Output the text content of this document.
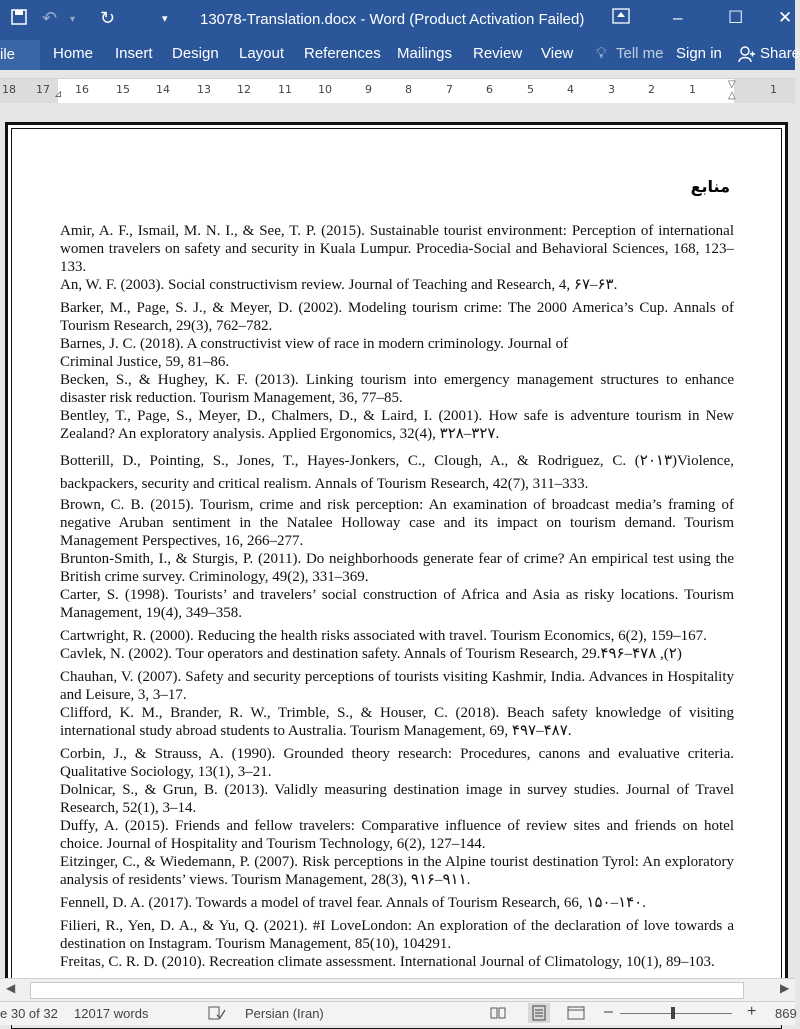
↶ ▾ ↻	▾ 13078-Translation.docx - Word (Product Activation Failed)	–	☐ ✕
ile	Home Insert Design Layout References Mailings Review View 💡︎ Tell me Sign in	Share
18 17 16 15 14 13 12 11 10	9	8	7	6	5	4	3	2	1	1
⊿
▽
△
منابع
Amir, A. F., Ismail, M. N. I., & See, T. P. (2015). Sustainable tourist environment: Perception of international women travelers on safety and security in Kuala Lumpur. Procedia-Social and Behavioral Sciences, 168, 123–133.
An, W. F. (2003). Social constructivism review. Journal of Teaching and Research, 4, ۶۷–۶۳.
Barker, M., Page, S. J., & Meyer, D. (2002). Modeling tourism crime: The 2000 America’s Cup. Annals of Tourism Research, 29(3), 762–782.
Barnes, J. C. (2018). A constructivist view of race in modern criminology. Journal of
Criminal Justice, 59, 81–86.
Becken, S., & Hughey, K. F. (2013). Linking tourism into emergency management structures to enhance disaster risk reduction. Tourism Management, 36, 77–85.
Bentley, T., Page, S., Meyer, D., Chalmers, D., & Laird, I. (2001). How safe is adventure tourism in New Zealand? An exploratory analysis. Applied Ergonomics, 32(4), ۳۲۸–۳۲۷.
Botterill, D., Pointing, S., Jones, T., Hayes-Jonkers, C., Clough, A., & Rodriguez, C. (۲۰۱۳)Violence, backpackers, security and critical realism. Annals of Tourism Research, 42(7), 311–333.
Brown, C. B. (2015). Tourism, crime and risk perception: An examination of broadcast media’s framing of negative Aruban sentiment in the Natalee Holloway case and its impact on tourism demand. Tourism Management Perspectives, 16, 266–277.
Brunton-Smith, I., & Sturgis, P. (2011). Do neighborhoods generate fear of crime? An empirical test using the British crime survey. Criminology, 49(2), 331–369.
Carter, S. (1998). Tourists’ and travelers’ social construction of Africa and Asia as risky locations. Tourism Management, 19(4), 349–358.
Cartwright, R. (2000). Reducing the health risks associated with travel. Tourism Economics, 6(2), 159–167.
Cavlek, N. (2002). Tour operators and destination safety. Annals of Tourism Research, 29.۴۹۶–۴۷۸ ,(۲)
Chauhan, V. (2007). Safety and security perceptions of tourists visiting Kashmir, India. Advances in Hospitality and Leisure, 3, 3–17.
Clifford, K. M., Brander, R. W., Trimble, S., & Houser, C. (2018). Beach safety knowledge of visiting international study abroad students to Australia. Tourism Management, 69, ۴۹۷–۴۸۷.
Corbin, J., & Strauss, A. (1990). Grounded theory research: Procedures, canons and evaluative criteria. Qualitative Sociology, 13(1), 3–21.
Dolnicar, S., & Grun, B. (2013). Validly measuring destination image in survey studies. Journal of Travel Research, 52(1), 3–14.
Duffy, A. (2015). Friends and fellow travelers: Comparative influence of review sites and friends on hotel choice. Journal of Hospitality and Tourism Technology, 6(2), 127–144.
Eitzinger, C., & Wiedemann, P. (2007). Risk perceptions in the Alpine tourist destination Tyrol: An exploratory analysis of residents’ views. Tourism Management, 28(3), ۹۱۶–۹۱۱.
Fennell, D. A. (2017). Towards a model of travel fear. Annals of Tourism Research, 66, ۱۵۰–۱۴۰.
Filieri, R., Yen, D. A., & Yu, Q. (2021). #I LoveLondon: An exploration of the declaration of love towards a destination on Instagram. Tourism Management, 85(10), 104291.
Freitas, C. R. D. (2010). Recreation climate assessment. International Journal of Climatology, 10(1), 89–103.
◀	▶
e 30 of 32 12017 words	Persian (Iran)	–	+ 869
